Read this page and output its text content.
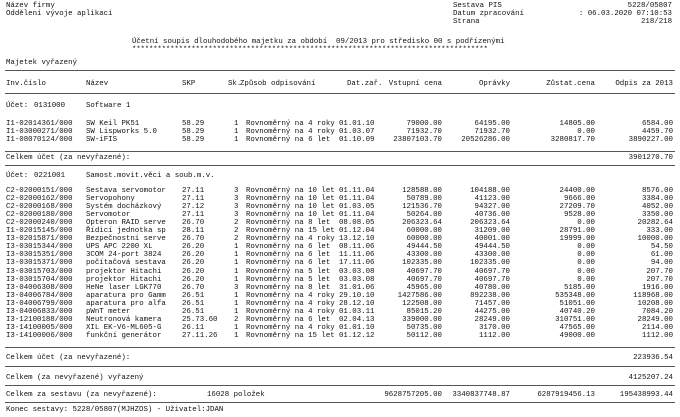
Název firmy
Oddělení vývoje aplikací
Sestava PIS	5228/05807
Datum zpracování	: 06.03.2020 07:10:53
Strana	218/218
Účetní soupis dlouhodobého majetku za období  09/2013 pro středisko 00 s podřízenými
************************************************************************************
Majetek vyřazený
Inv.číslo	Název	SKP	Sk.
Způsob odpisování	Dat.zař. Vstupní cena	Oprávky	Zůstat.cena	Odpis za 2013
Účet: 0131000	Software 1
I1-02014361/000 SW Keil PK51	58.29	1 Rovnoměrný na 4 roky 01.01.10	79000.00	64195.00	14805.00	6584.00
I1-03000271/000 SW Lispworks 5.0	58.29	1 Rovnoměrný na 4 roky 01.03.07	71932.70	71932.70	0.00	4459.70
I1-08070124/000 SW-iFIS	58.29	1 Rovnoměrný na 6 let 01.10.09	23807103.70	20526286.00	3280817.70	3890227.00
Celkem účet (za nevyřazené):	3901270.70
Účet: 0221001	Samost.movit.věci a soub.m.v.
C2-02000151/000 Sestava servomotor 27.11	3 Rovnoměrný na 10 let 01.11.04	128588.00	104188.00	24400.00	8576.00
C2-02000162/000 Servopohony	27.11	3 Rovnoměrný na 10 let 01.11.04	50789.00	41123.00	9666.00	3384.00
C2-02000168/000 Systém docházkový	27.12	3 Rovnoměrný na 10 let 01.03.05	121536.70	94327.00	27209.70	4052.00
C2-02000180/000 Servomotor	27.11	3 Rovnoměrný na 10 let 01.11.04	50264.00	40736.00	9528.00	3350.00
C2-02000240/000 Opteron RAID serve 26.70	2 Rovnoměrný na 8 let 08.08.05	206323.64	206323.64	0.00	20282.64
I1-02015145/000 Řídicí jednotka sp 28.11	2 Rovnoměrný na 15 let 01.12.04	60000.00	31209.00	28791.00	333.00
I3-02015871/000 Bezpečnostní serve 26.70	2 Rovnoměrný na 4 roky 13.12.10	60000.00	40001.00	19999.00	10000.00
I3-03015344/000 UPS APC 2200 XL	26.20	1 Rovnoměrný na 6 let 08.11.06	49444.50	49444.50	0.00	54.50
I3-03015351/000 3COM 24-port 3824	26.20	1 Rovnoměrný na 6 let 11.11.06	43300.00	43300.00	0.00	61.00
I3-03015371/000 počítačová sestava 26.20	1 Rovnoměrný na 6 let 17.11.06	102335.00	102335.00	0.00	94.00
I3-03015703/000 projektor Hitachi	26.20	1 Rovnoměrný na 5 let 03.03.08	40697.70	40697.70	0.00	207.70
I3-03015704/000 projektor Hitachi	26.20	1 Rovnoměrný na 5 let 03.03.08	40697.70	40697.70	0.00	207.70
I3-04006308/000 HeNe laser LGK770	26.70	3 Rovnoměrný na 8 let 31.01.06	45965.00	40780.00	5185.00	1916.00
I3-04006784/000 aparatura pro Gamm 26.51	1 Rovnoměrný na 4 roky 29.10.10	1427586.00	892238.00	535348.00	118968.00
I3-04006799/000 aparatura pro alfa 26.51	1 Rovnoměrný na 4 roky 28.12.10	122508.00	71457.00	51051.00	10208.00
I3-04006833/000 pWnT meter	26.51	1 Rovnoměrný na 4 roky 01.03.11	85015.20	44275.00	40740.20	7084.20
I3-12100188/000 Neutronová kamera	25.73.60 2 Rovnoměrný na 6 let 02.04.13	339000.00	28249.00	310751.00	28249.00
I3-14100005/000 XIL EK-V6-ML605-G	26.11	1 Rovnoměrný na 4 roky 01.01.10	50735.00	3170.00	47565.00	2114.00
I3-14100006/000 funkční generátor	27.11.26 1 Rovnoměrný na 15 let 01.12.12	50112.00	1112.00	49000.00	1112.00
Celkem účet (za nevyřazené):	223936.54
Celkem (za nevyřazené) vyřazený	4125207.24
Celkem za sestavu (za nevyřazené):	16028 položek	9628757205.00 3340837748.87	6287919456.13	195438993.44
Konec sestavy: 5228/05807(MJHZOS) - Uživatel:JDAN
